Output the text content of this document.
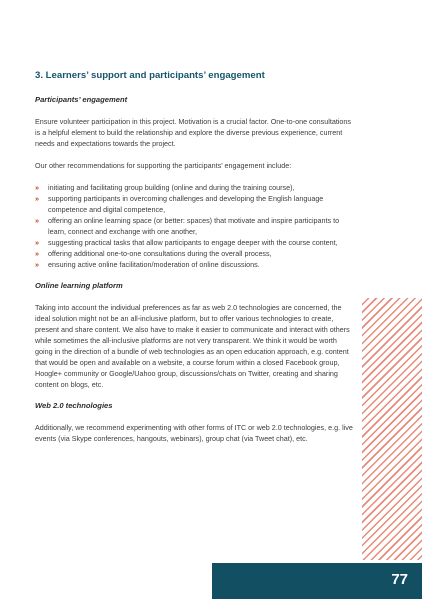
3. Learners’ support and participants’ engagement
Participants’ engagement

Ensure volunteer participation in this project. Motivation is a crucial factor. One-to-one consultations is a helpful element to build the relationship and explore the diverse previous experience, current needs and expectations towards the project.

Our other recommendations for supporting the participants’ engagement include:

» initiating and facilitating group building (online and during the training course),
» supporting participants in overcoming challenges and developing the English language competence and digital competence,
» offering an online learning space (or better: spaces) that motivate and inspire participants to learn, connect and exchange with one another,
» suggesting practical tasks that allow participants to engage deeper with the course content,
» offering additional one-to-one consultations during the overall process,
» ensuring active online facilitation/moderation of online discussions.
Online learning platform

Taking into account the individual preferences as far as web 2.0 technologies are concerned, the ideal solution might not be an all-inclusive platform, but to offer various technologies to create, present and share content. We also have to make it easier to communicate and interact with others while sometimes the all-inclusive platforms are not very transparent. We think it would be worth going in the direction of a bundle of web technologies as an open education approach, e.g. content that would be open and available on a website, a course forum within a closed Facebook group, Hoogle+ community or Google/Uahoo group, discussions/chats on Twitter, creating and sharing content on blogs, etc.

Web 2.0 technologies

Additionally, we recommend experimenting with other forms of ITC or web 2.0 technologies, e.g. live events (via Skype conferences, hangouts, webinars), group chat (via Tweet chat), etc.

77
